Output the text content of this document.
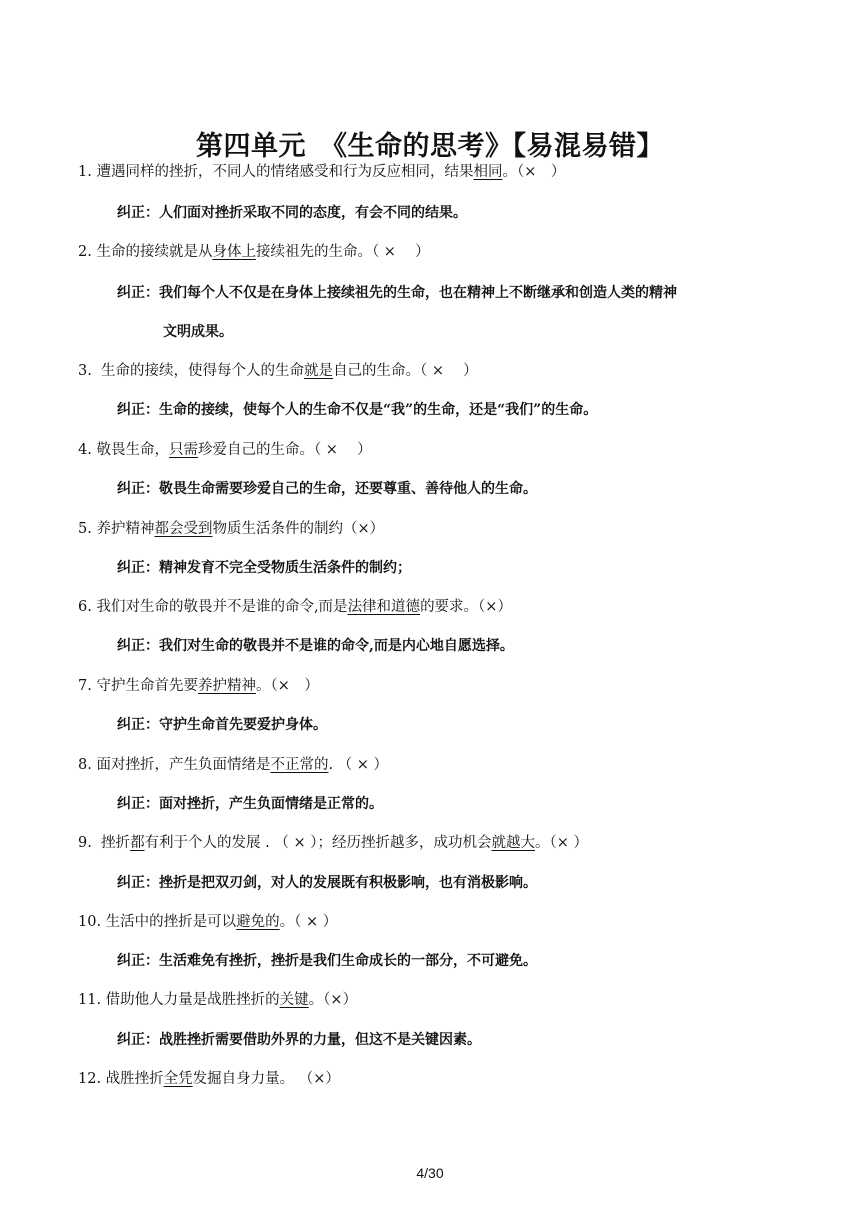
第四单元　《生命的思考》【易混易错】
1. 遭遇同样的挫折，不同人的情绪感受和行为反应相同，结果相同。（×　）
纠正：人们面对挫折采取不同的态度，有会不同的结果。
2. 生命的接续就是从身体上接续祖先的生命。（ ×　 ）
纠正：我们每个人不仅是在身体上接续祖先的生命，也在精神上不断继承和创造人类的精神
文明成果。
3.  生命的接续，使得每个人的生命就是自己的生命。（ ×　 ）
纠正：生命的接续，使每个人的生命不仅是“我”的生命，还是“我们”的生命。
4. 敬畏生命，只需珍爱自己的生命。（ ×　 ）
纠正：敬畏生命需要珍爱自己的生命，还要尊重、善待他人的生命。
5. 养护精神都会受到物质生活条件的制约（×）
纠正：精神发育不完全受物质生活条件的制约；
6. 我们对生命的敬畏并不是谁的命令,而是法律和道德的要求。（×）
纠正：我们对生命的敬畏并不是谁的命令,而是内心地自愿选择。
7. 守护生命首先要养护精神。（×　）
纠正：守护生命首先要爱护身体。
8. 面对挫折，产生负面情绪是不正常的. （ × ）
纠正：面对挫折，产生负面情绪是正常的。
9.  挫折都有利于个人的发展 . （ × ）；经历挫折越多，成功机会就越大。（× ）
纠正：挫折是把双刃剑，对人的发展既有积极影响，也有消极影响。
10. 生活中的挫折是可以避免的。（ × ）
纠正：生活难免有挫折，挫折是我们生命成长的一部分，不可避免。
11. 借助他人力量是战胜挫折的关键。（×）
纠正：战胜挫折需要借助外界的力量，但这不是关键因素。
12. 战胜挫折全凭发掘自身力量。 （×）
4/30
